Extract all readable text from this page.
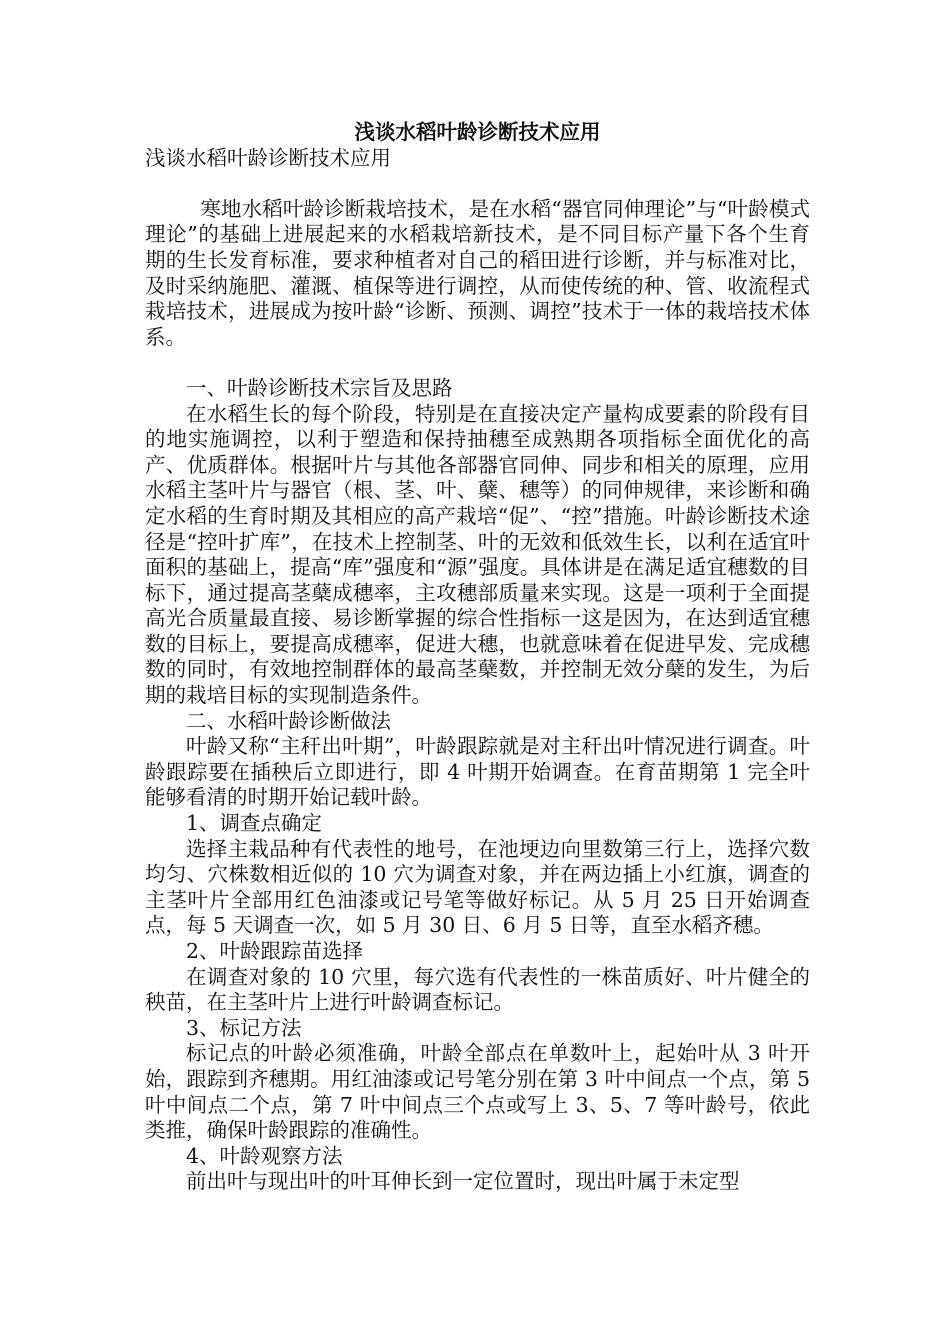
浅谈水稻叶龄诊断技术应用

浅谈水稻叶龄诊断技术应用

寒地水稻叶龄诊断栽培技术，是在水稻“器官同伸理论”与“叶龄模式理论”的基础上进展起来的水稻栽培新技术，是不同目标产量下各个生育期的生长发育标准，要求种植者对自己的稻田进行诊断，并与标准对比，及时采纳施肥、灌溉、植保等进行调控，从而使传统的种、管、收流程式栽培技术，进展成为按叶龄“诊断、预测、调控”技术于一体的栽培技术体系。

一、叶龄诊断技术宗旨及思路

在水稻生长的每个阶段，特别是在直接决定产量构成要素的阶段有目的地实施调控，以利于塑造和保持抽穗至成熟期各项指标全面优化的高产、优质群体。根据叶片与其他各部器官同伸、同步和相关的原理，应用水稻主茎叶片与器官（根、茎、叶、蘖、穗等）的同伸规律，来诊断和确定水稻的生育时期及其相应的高产栽培“促”、“控”措施。叶龄诊断技术途径是“控叶扩库”，在技术上控制茎、叶的无效和低效生长，以利在适宜叶面积的基础上，提高“库”强度和“源”强度。具体讲是在满足适宜穗数的目标下，通过提高茎蘖成穗率，主攻穗部质量来实现。这是一项利于全面提高光合质量最直接、易诊断掌握的综合性指标一这是因为，在达到适宜穗数的目标上，要提高成穗率，促进大穗，也就意味着在促进早发、完成穗数的同时，有效地控制群体的最高茎蘖数，并控制无效分蘖的发生，为后期的栽培目标的实现制造条件。

二、水稻叶龄诊断做法

叶龄又称“主秆出叶期”，叶龄跟踪就是对主秆出叶情况进行调查。叶龄跟踪要在插秧后立即进行，即 4 叶期开始调查。在育苗期第 1 完全叶能够看清的时期开始记载叶龄。

1、调查点确定

选择主栽品种有代表性的地号，在池埂边向里数第三行上，选择穴数均匀、穴株数相近似的 10 穴为调查对象，并在两边插上小红旗，调查的主茎叶片全部用红色油漆或记号笔等做好标记。从 5 月 25 日开始调查点，每 5 天调查一次，如 5 月 30 日、6 月 5 日等，直至水稻齐穗。

2、叶龄跟踪苗选择

在调查对象的 10 穴里，每穴选有代表性的一株苗质好、叶片健全的秧苗，在主茎叶片上进行叶龄调查标记。

3、标记方法

标记点的叶龄必须准确，叶龄全部点在单数叶上，起始叶从 3 叶开始，跟踪到齐穗期。用红油漆或记号笔分别在第 3 叶中间点一个点，第 5 叶中间点二个点，第 7 叶中间点三个点或写上 3、5、7 等叶龄号，依此类推，确保叶龄跟踪的准确性。

4、叶龄观察方法

前出叶与现出叶的叶耳伸长到一定位置时，现出叶属于未定型
